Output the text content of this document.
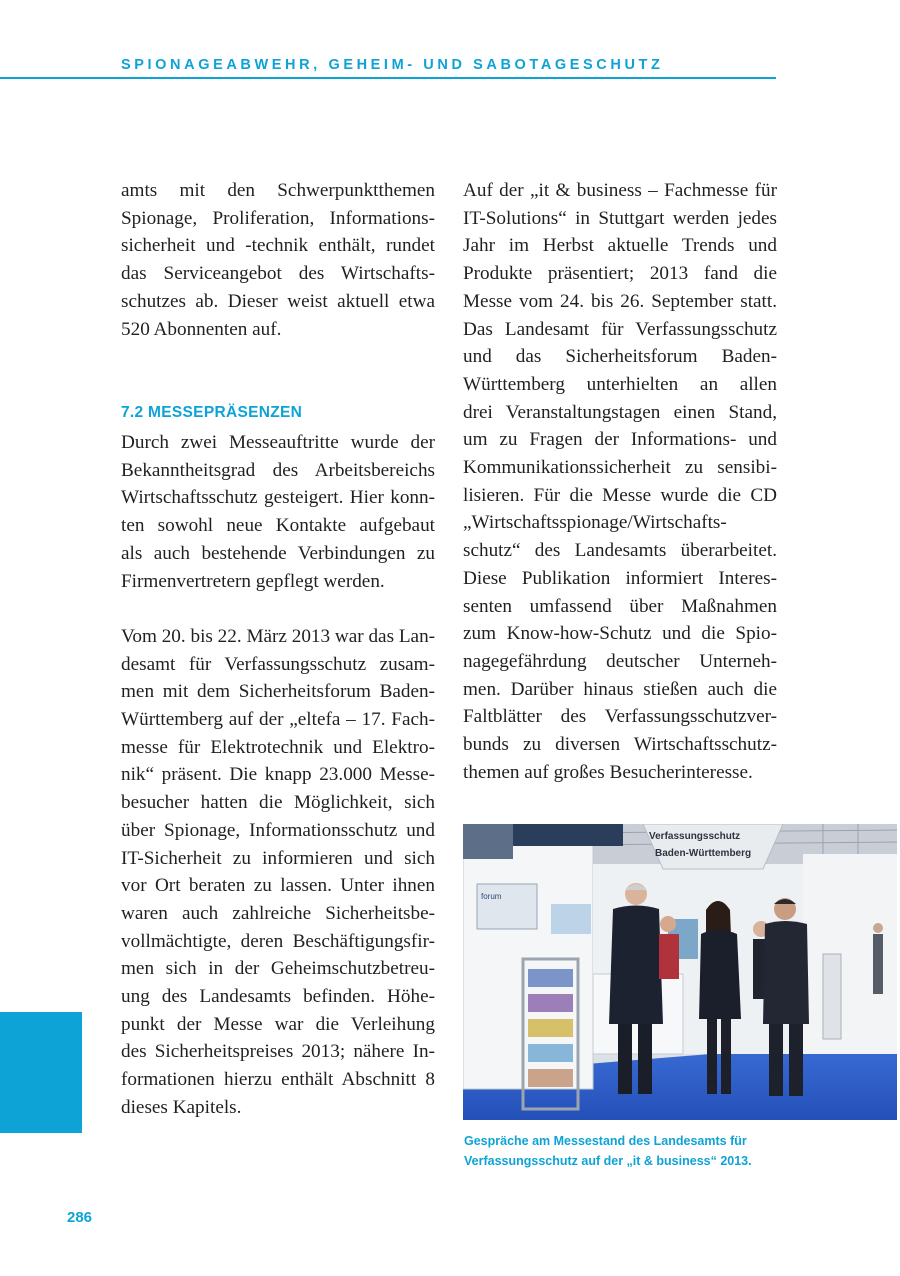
SPIONAGEABWEHR, GEHEIM- UND SABOTAGESCHUTZ

amts mit den Schwerpunktthemen
Spionage, Proliferation, Informations-
sicherheit und -technik enthält, rundet
das Serviceangebot des Wirtschafts-
schutzes ab. Dieser weist aktuell etwa
520 Abonnenten auf.

7.2 MESSEPRÄSENZEN

Durch zwei Messeauftritte wurde der
Bekanntheitsgrad des Arbeitsbereichs
Wirtschaftsschutz gesteigert. Hier konn-
ten sowohl neue Kontakte aufgebaut
als auch bestehende Verbindungen zu
Firmenvertretern gepflegt werden.

Vom 20. bis 22. März 2013 war das Lan-
desamt für Verfassungsschutz zusam-
men mit dem Sicherheitsforum Baden-
Württemberg auf der „eltefa – 17. Fach-
messe für Elektrotechnik und Elektro-
nik“ präsent. Die knapp 23.000 Messe-
besucher hatten die Möglichkeit, sich
über Spionage, Informationsschutz und
IT-Sicherheit zu informieren und sich
vor Ort beraten zu lassen. Unter ihnen
waren auch zahlreiche Sicherheitsbe-
vollmächtigte, deren Beschäftigungsfir-
men sich in der Geheimschutzbetreu-
ung des Landesamts befinden. Höhe-
punkt der Messe war die Verleihung
des Sicherheitspreises 2013; nähere In-
formationen hierzu enthält Abschnitt 8
dieses Kapitels.

Auf der „it & business – Fachmesse für
IT-Solutions“ in Stuttgart werden jedes
Jahr im Herbst aktuelle Trends und
Produkte präsentiert; 2013 fand die
Messe vom 24. bis 26. September statt.
Das Landesamt für Verfassungsschutz
und das Sicherheitsforum Baden-
Württemberg unterhielten an allen
drei Veranstaltungstagen einen Stand,
um zu Fragen der Informations- und
Kommunikationssicherheit zu sensibi-
lisieren. Für die Messe wurde die CD
„Wirtschaftsspionage/Wirtschafts-
schutz“ des Landesamts überarbeitet.
Diese Publikation informiert Interes-
senten umfassend über Maßnahmen
zum Know-how-Schutz und die Spio-
nagegefährdung deutscher Unterneh-
men. Darüber hinaus stießen auch die
Faltblätter des Verfassungsschutzver-
bunds zu diversen Wirtschaftsschutz-
themen auf großes Besucherinteresse.

Verfassungsschutz
Baden-Württemberg
forum
Gespräche am Messestand des Landesamts für
Verfassungsschutz auf der „it & business“ 2013.
286
